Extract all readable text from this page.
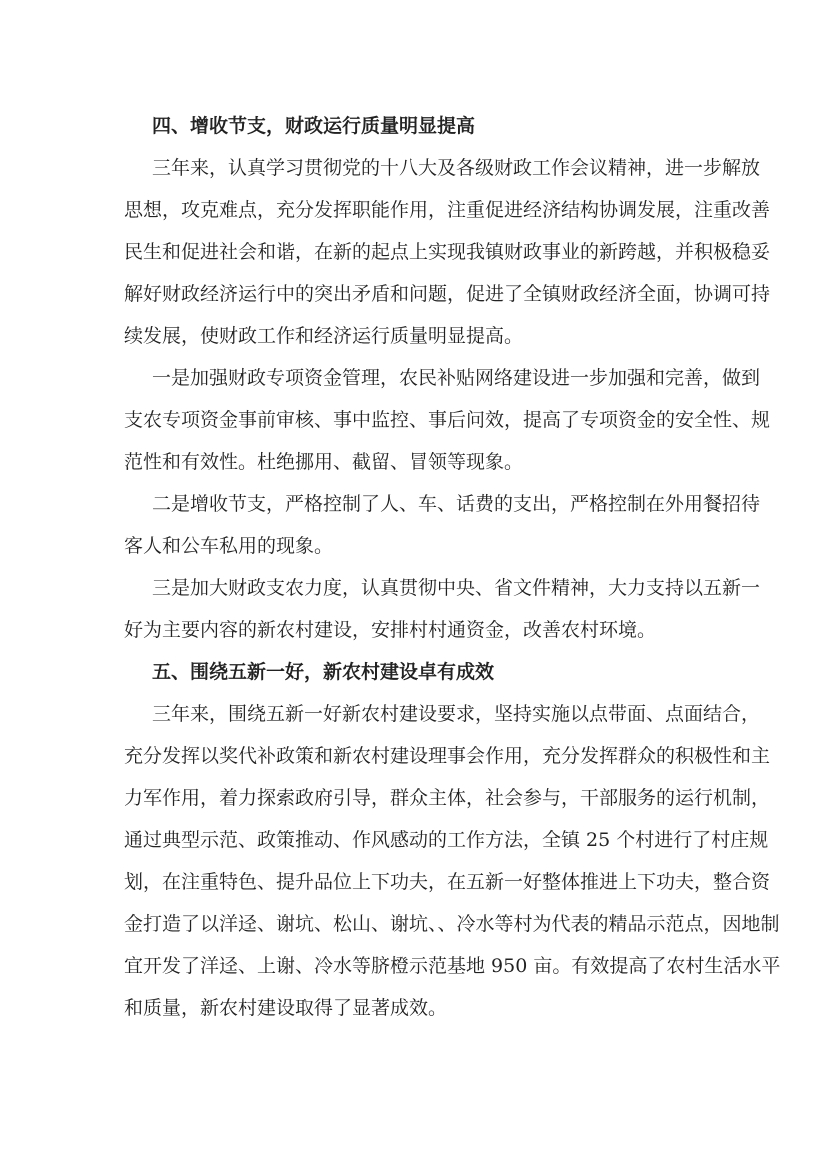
四、增收节支，财政运行质量明显提高
三年来，认真学习贯彻党的十八大及各级财政工作会议精神，进一步解放
思想，攻克难点，充分发挥职能作用，注重促进经济结构协调发展，注重改善
民生和促进社会和谐，在新的起点上实现我镇财政事业的新跨越，并积极稳妥
解好财政经济运行中的突出矛盾和问题，促进了全镇财政经济全面，协调可持
续发展，使财政工作和经济运行质量明显提高。
一是加强财政专项资金管理，农民补贴网络建设进一步加强和完善，做到
支农专项资金事前审核、事中监控、事后问效，提高了专项资金的安全性、规
范性和有效性。杜绝挪用、截留、冒领等现象。
二是增收节支，严格控制了人、车、话费的支出，严格控制在外用餐招待
客人和公车私用的现象。
三是加大财政支农力度，认真贯彻中央、省文件精神，大力支持以五新一
好为主要内容的新农村建设，安排村村通资金，改善农村环境。
五、围绕五新一好，新农村建设卓有成效
三年来，围绕五新一好新农村建设要求，坚持实施以点带面、点面结合，
充分发挥以奖代补政策和新农村建设理事会作用，充分发挥群众的积极性和主
力军作用，着力探索政府引导，群众主体，社会参与，干部服务的运行机制，
通过典型示范、政策推动、作风感动的工作方法，全镇 25 个村进行了村庄规
划，在注重特色、提升品位上下功夫，在五新一好整体推进上下功夫，整合资
金打造了以洋迳、谢坑、松山、谢坑、、冷水等村为代表的精品示范点，因地制
宜开发了洋迳、上谢、冷水等脐橙示范基地 950 亩。有效提高了农村生活水平
和质量，新农村建设取得了显著成效。
